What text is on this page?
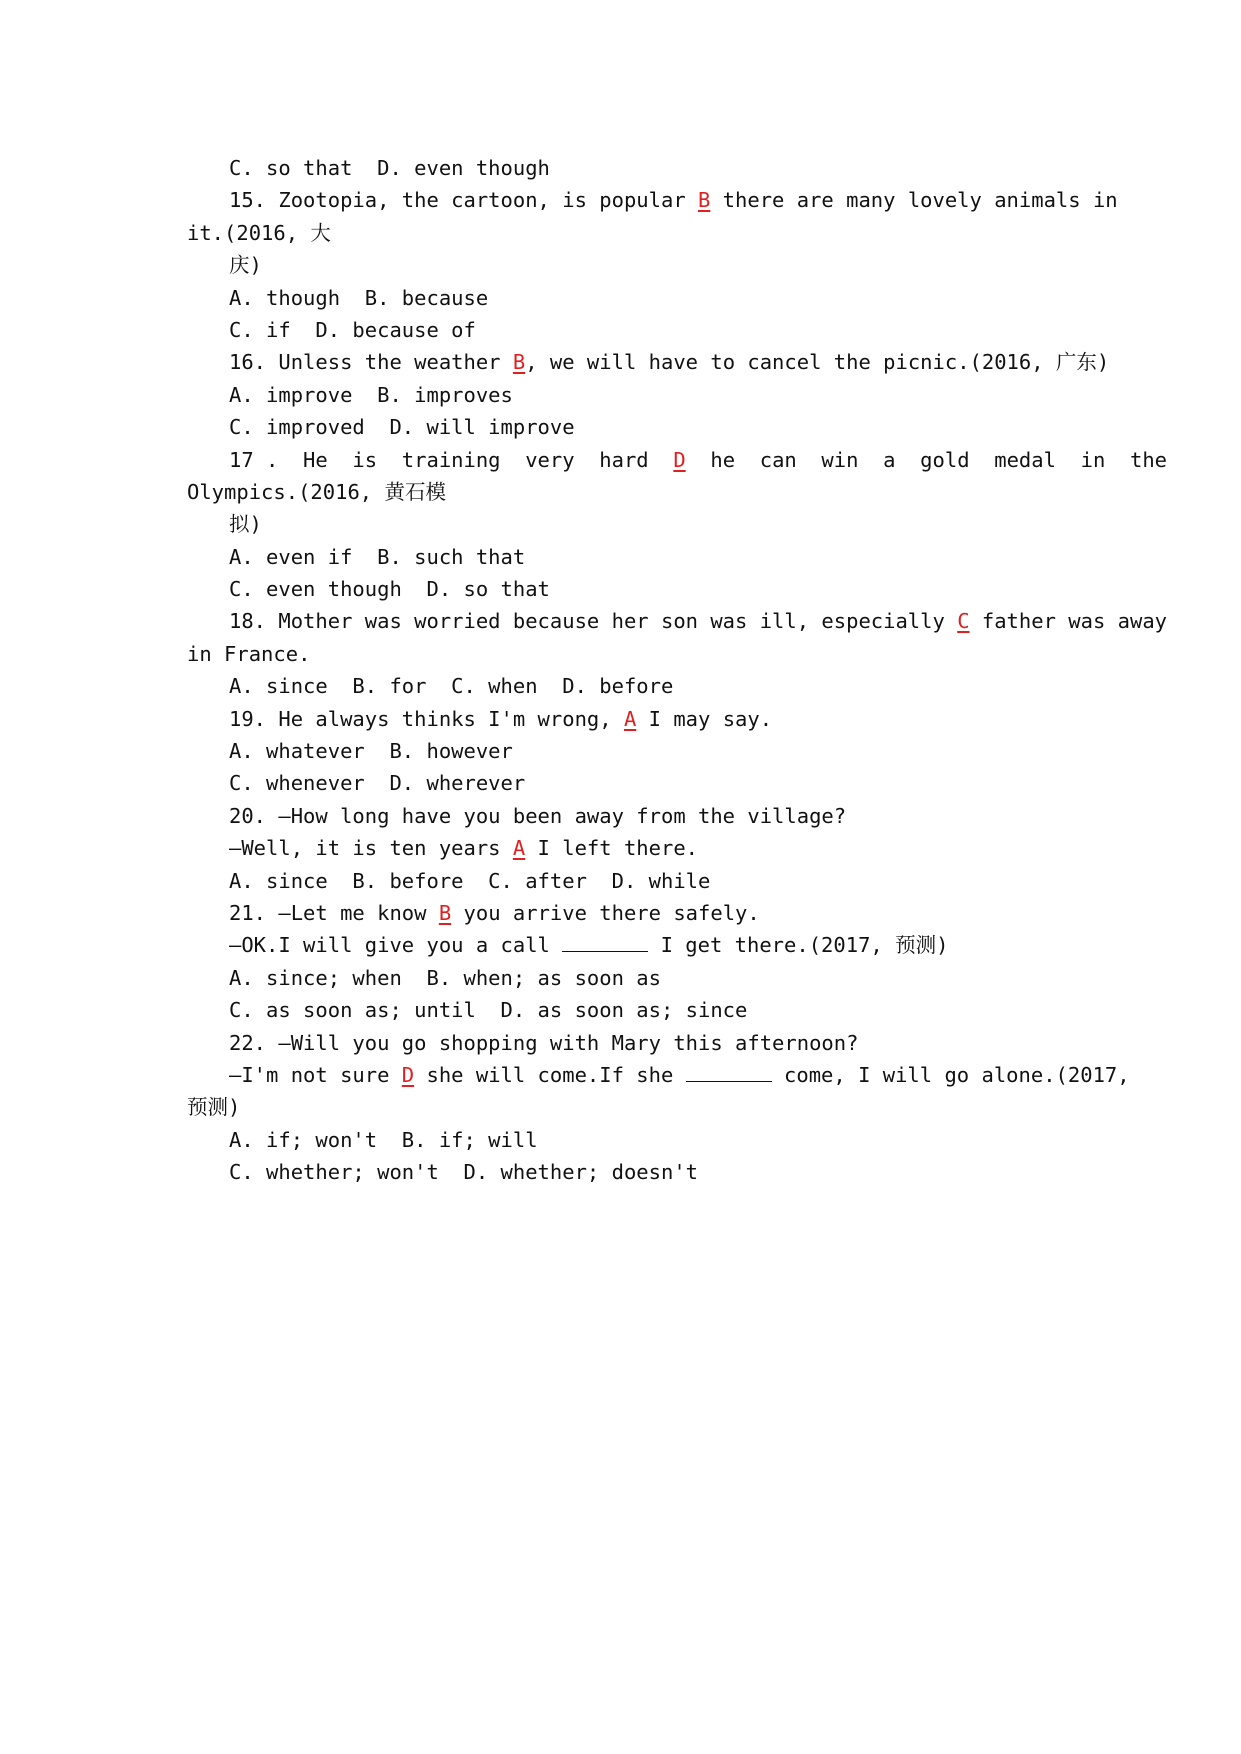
C. so that  D. even though
15. Zootopia, the cartoon, is popular B there are many lovely animals in
it.(2016, 大
庆)
A. though  B. because
C. if  D. because of
16. Unless the weather B, we will have to cancel the picnic.(2016, 广东)
A. improve  B. improves
C. improved  D. will improve
17 .  He  is  training  very  hard  D  he  can  win  a  gold  medal  in  the
Olympics.(2016, 黄石模
拟)
A. even if  B. such that
C. even though  D. so that
18. Mother was worried because her son was ill, especially C father was away
in France.
A. since  B. for  C. when  D. before
19. He always thinks I'm wrong, A I may say.
A. whatever  B. however
C. whenever  D. wherever
20. —How long have you been away from the village?
—Well, it is ten years A I left there.
A. since  B. before  C. after  D. while
21. —Let me know B you arrive there safely.
—OK.I will give you a call	I get there.(2017, 预测)
A. since; when  B. when; as soon as
C. as soon as; until  D. as soon as; since
22. —Will you go shopping with Mary this afternoon?
—I'm not sure D she will come.If she	come, I will go alone.(2017,
预测)
A. if; won't  B. if; will
C. whether; won't  D. whether; doesn't
